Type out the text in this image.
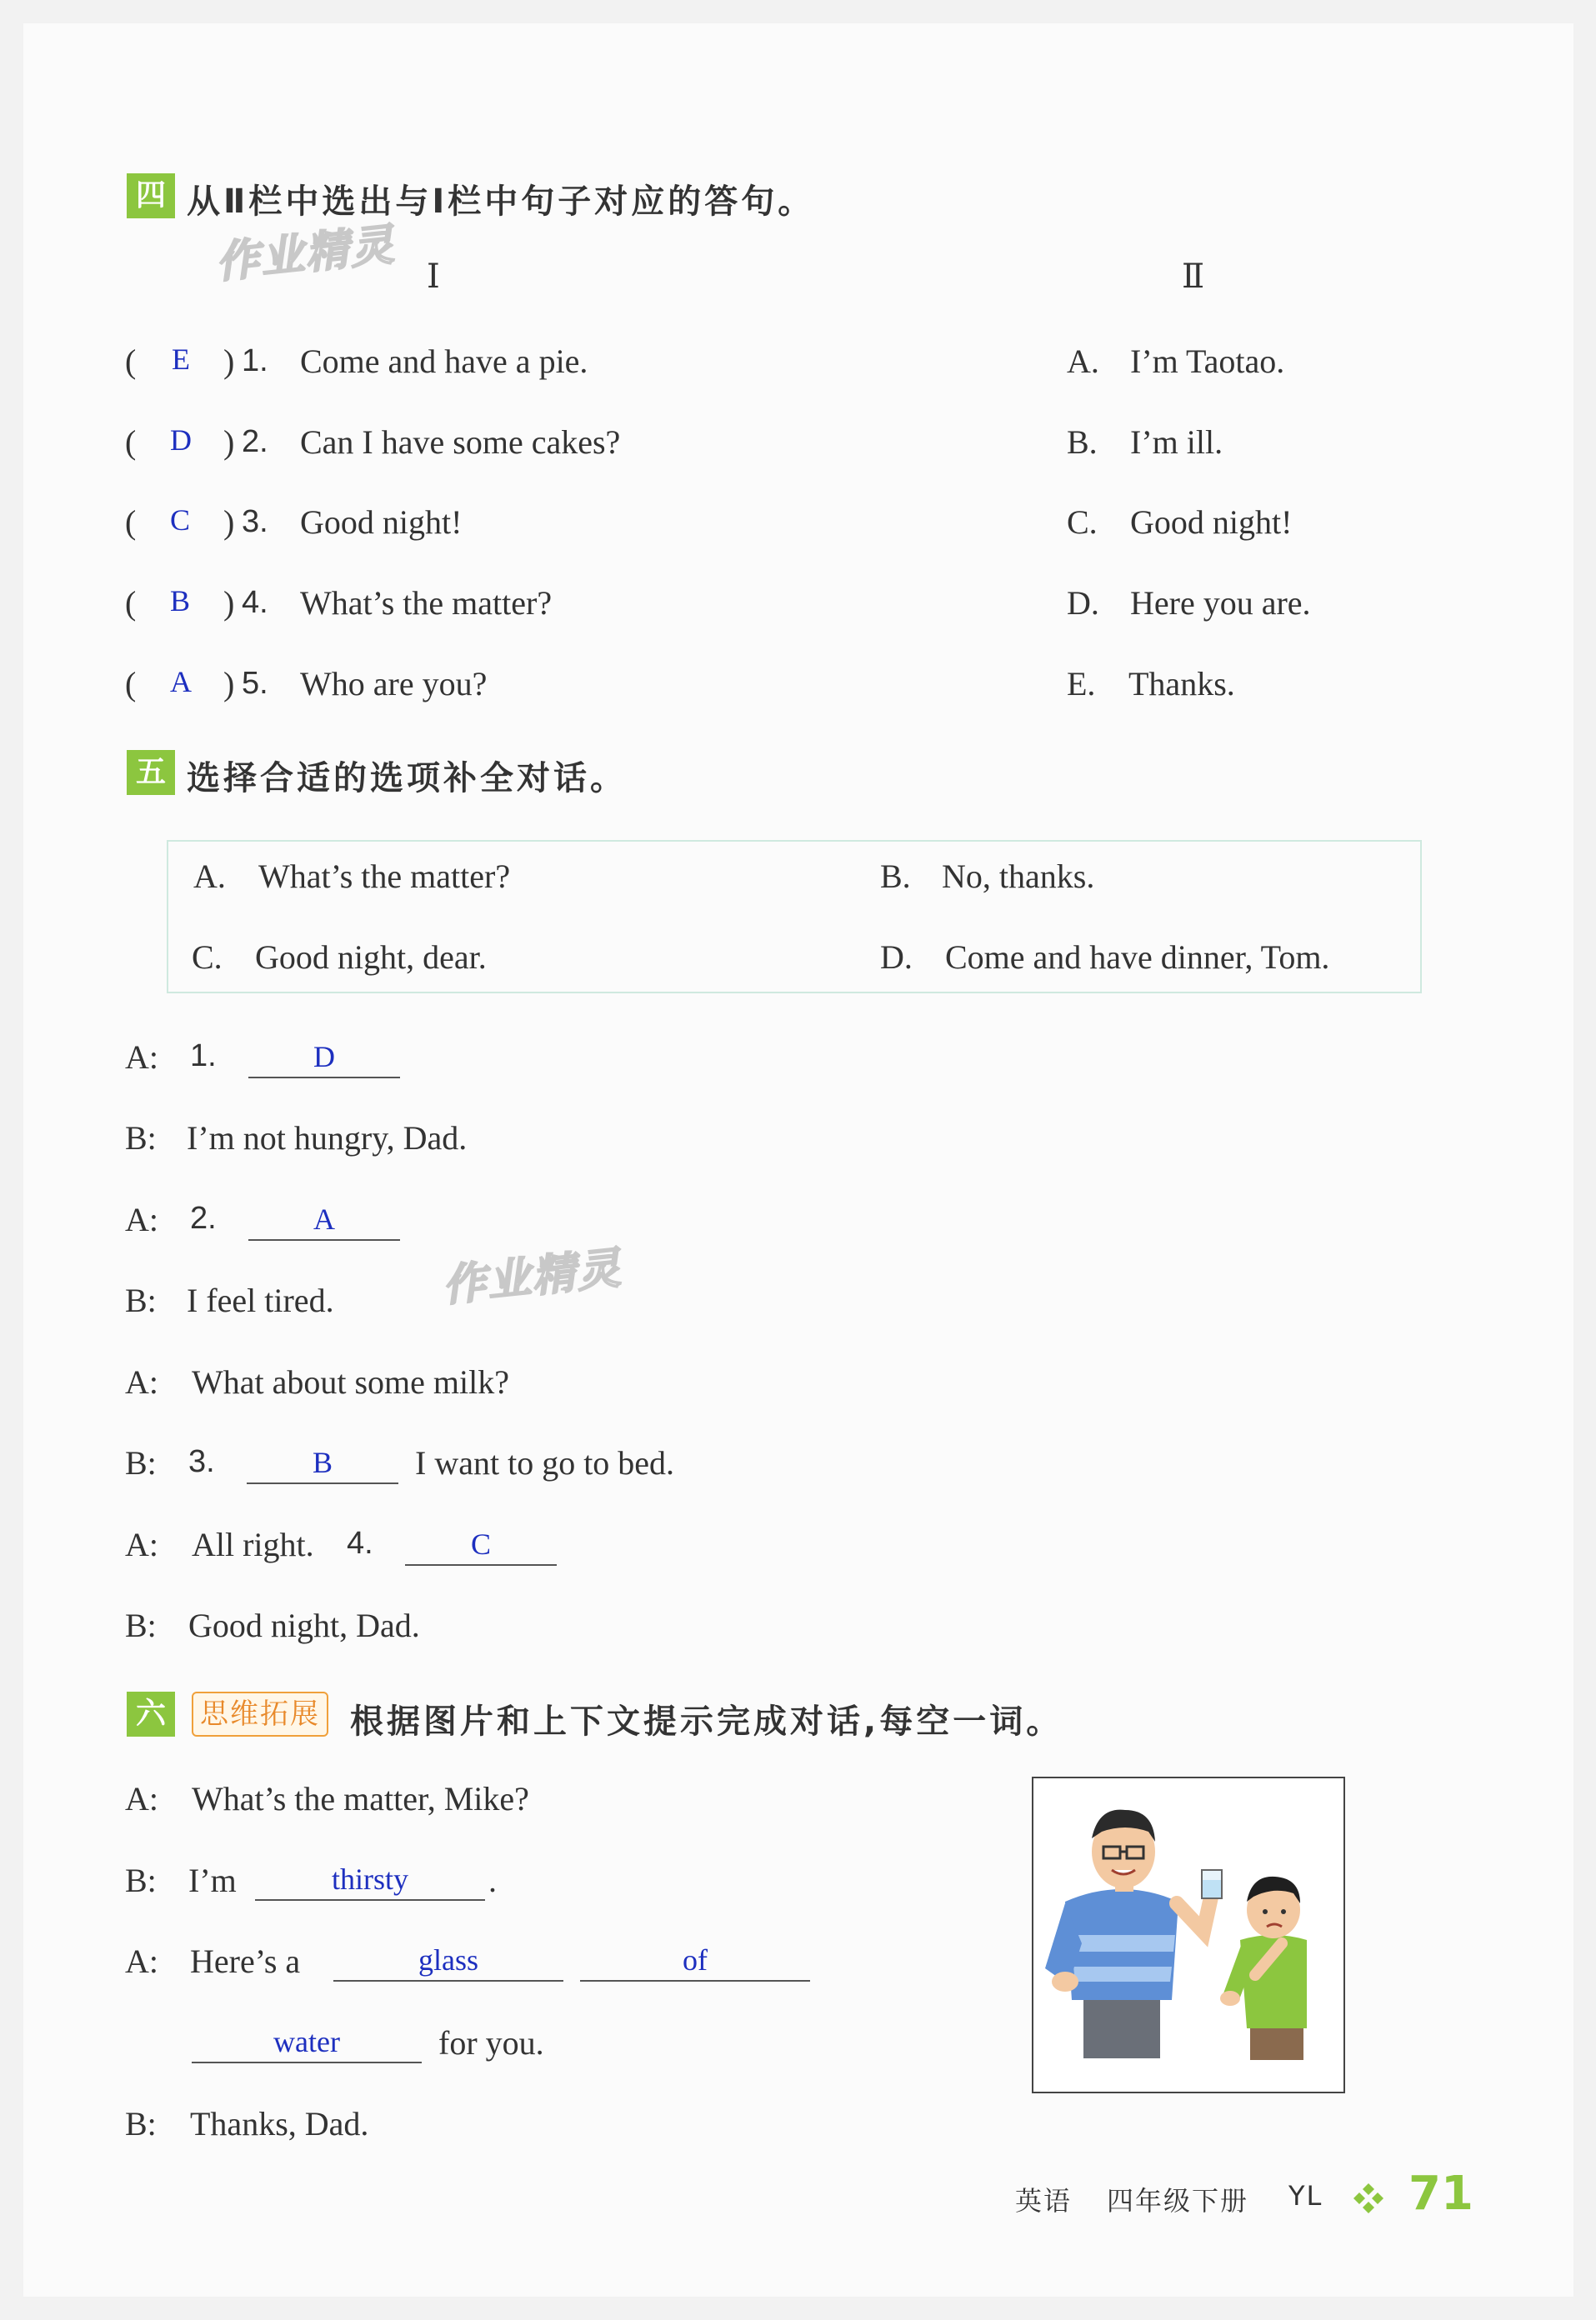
作业精灵
作业精灵
四 从Ⅱ栏中选出与Ⅰ栏中句子对应的答句。
Ⅰ	Ⅱ
( E ) 1. Come and have a pie.	A. I’m Taotao.
( D ) 2. Can I have some cakes?	B. I’m ill.
( C ) 3. Good night!	C. Good night!
( B ) 4. What’s the matter?	D. Here you are.
( A ) 5. Who are you?	E. Thanks.
五 选择合适的选项补全对话。
A. What’s the matter?	B. No, thanks.
C. Good night, dear.	D. Come and have dinner, Tom.
A: 1.	D
B: I’m not hungry, Dad.
A: 2.	A
B: I feel tired.
A: What about some milk?
B: 3.	B	I want to go to bed.
A: All right. 4.	C
B: Good night, Dad.
六	思维拓展 根据图片和上下文提示完成对话,每空一词。
A: What’s the matter, Mike?
B: I’m	thirsty	.
A: Here’s a	glass	of
water	for you.
B: Thanks, Dad.
英语 四年级下册 YL 71
